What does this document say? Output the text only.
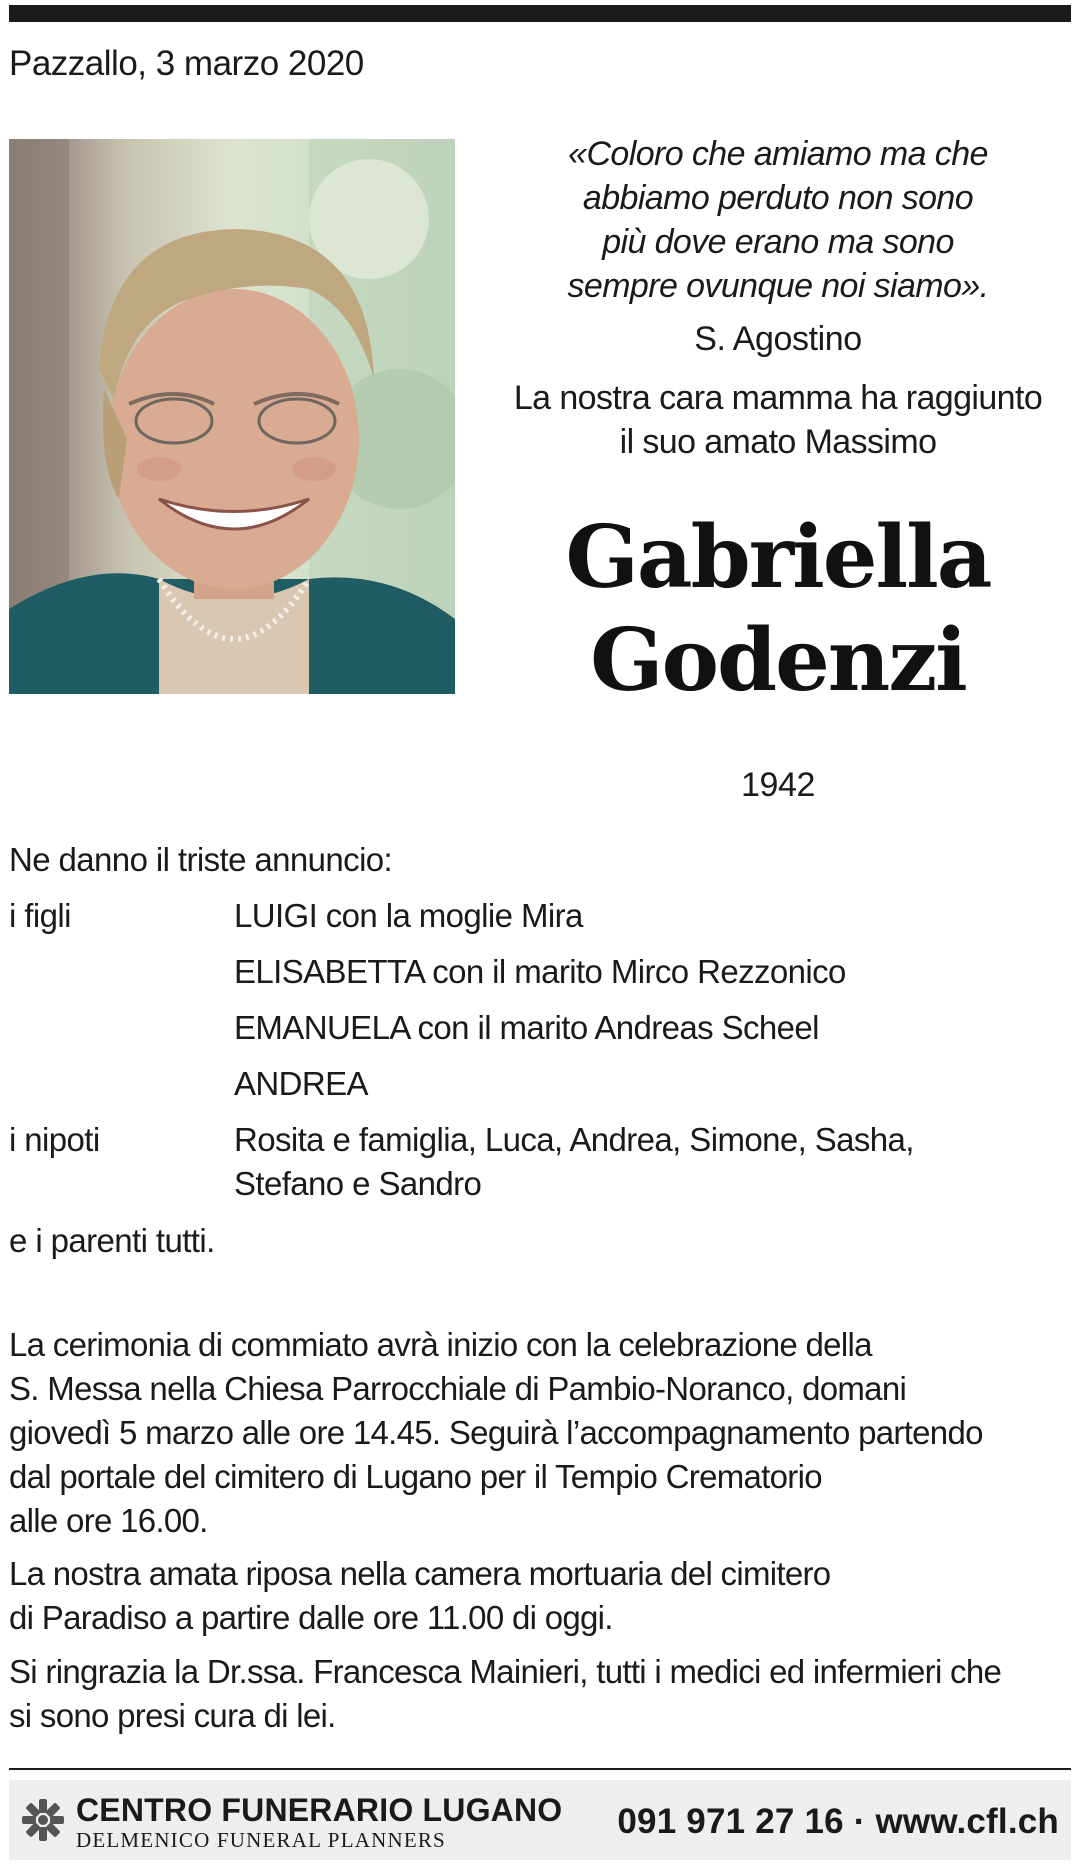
Pazzallo, 3 marzo 2020
«Coloro che amiamo ma che
abbiamo perduto non sono
più dove erano ma sono
sempre ovunque noi siamo».
S. Agostino
La nostra cara mamma ha raggiunto
il suo amato Massimo
Gabriella
Godenzi
1942
Ne danno il triste annuncio:
i figli	LUIGI con la moglie Mira
ELISABETTA con il marito Mirco Rezzonico
EMANUELA con il marito Andreas Scheel
ANDREA
i nipoti	Rosita e famiglia, Luca, Andrea, Simone, Sasha,
Stefano e Sandro
e i parenti tutti.
La cerimonia di commiato avrà inizio con la celebrazione della
S. Messa nella Chiesa Parrocchiale di Pambio-Noranco, domani
giovedì 5 marzo alle ore 14.45. Seguirà l’accompagnamento partendo
dal portale del cimitero di Lugano per il Tempio Crematorio
alle ore 16.00.
La nostra amata riposa nella camera mortuaria del cimitero
di Paradiso a partire dalle ore 11.00 di oggi.
Si ringrazia la Dr.ssa. Francesca Mainieri, tutti i medici ed infermieri che
si sono presi cura di lei.
CENTRO FUNERARIO LUGANO
DELMENICO FUNERAL PLANNERS	091 971 27 16 · www.cfl.ch
